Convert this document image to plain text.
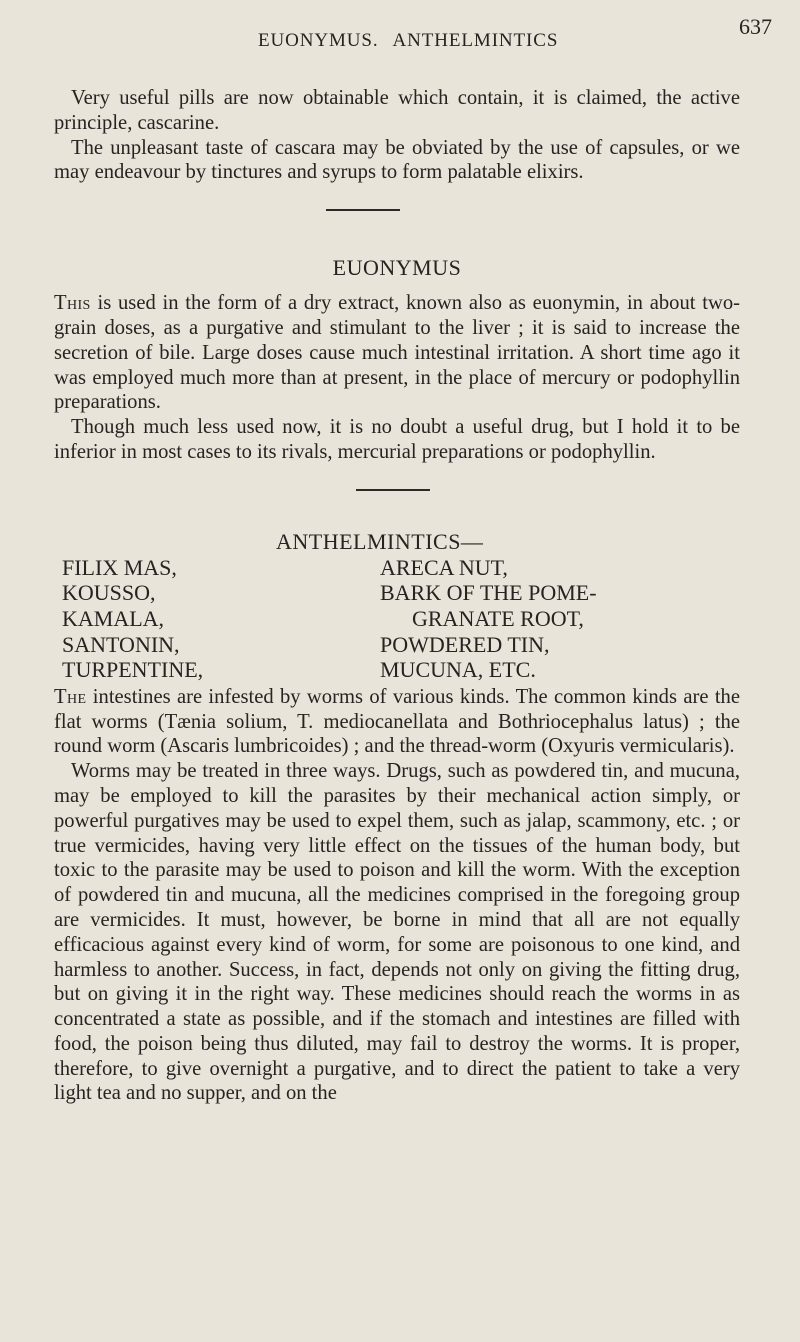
EUONYMUS. ANTHELMINTICS
637

Very useful pills are now obtainable which contain, it is claimed, the active principle, cascarine.

The unpleasant taste of cascara may be obviated by the use of capsules, or we may endeavour by tinctures and syrups to form palatable elixirs.

EUONYMUS

This is used in the form of a dry extract, known also as euonymin, in about two-grain doses, as a purgative and stimulant to the liver ; it is said to increase the secretion of bile. Large doses cause much intestinal irritation. A short time ago it was employed much more than at present, in the place of mercury or podophyllin preparations.

Though much less used now, it is no doubt a useful drug, but I hold it to be inferior in most cases to its rivals, mercurial preparations or podophyllin.

ANTHELMINTICS—
FILIX MAS,
KOUSSO,
KAMALA,
SANTONIN,
TURPENTINE,
ARECA NUT,
BARK OF THE POME-
GRANATE ROOT,
POWDERED TIN,
MUCUNA, ETC.

The intestines are infested by worms of various kinds. The common kinds are the flat worms (Tænia solium, T. mediocanellata and Bothriocephalus latus) ; the round worm (Ascaris lumbricoides) ; and the thread-worm (Oxyuris vermicularis).

Worms may be treated in three ways. Drugs, such as powdered tin, and mucuna, may be employed to kill the parasites by their mechanical action simply, or powerful purgatives may be used to expel them, such as jalap, scammony, etc. ; or true vermicides, having very little effect on the tissues of the human body, but toxic to the parasite may be used to poison and kill the worm. With the exception of powdered tin and mucuna, all the medicines comprised in the foregoing group are vermicides. It must, however, be borne in mind that all are not equally efficacious against every kind of worm, for some are poisonous to one kind, and harmless to another. Success, in fact, depends not only on giving the fitting drug, but on giving it in the right way. These medicines should reach the worms in as concentrated a state as possible, and if the stomach and intestines are filled with food, the poison being thus diluted, may fail to destroy the worms. It is proper, therefore, to give overnight a purgative, and to direct the patient to take a very light tea and no supper, and on the
